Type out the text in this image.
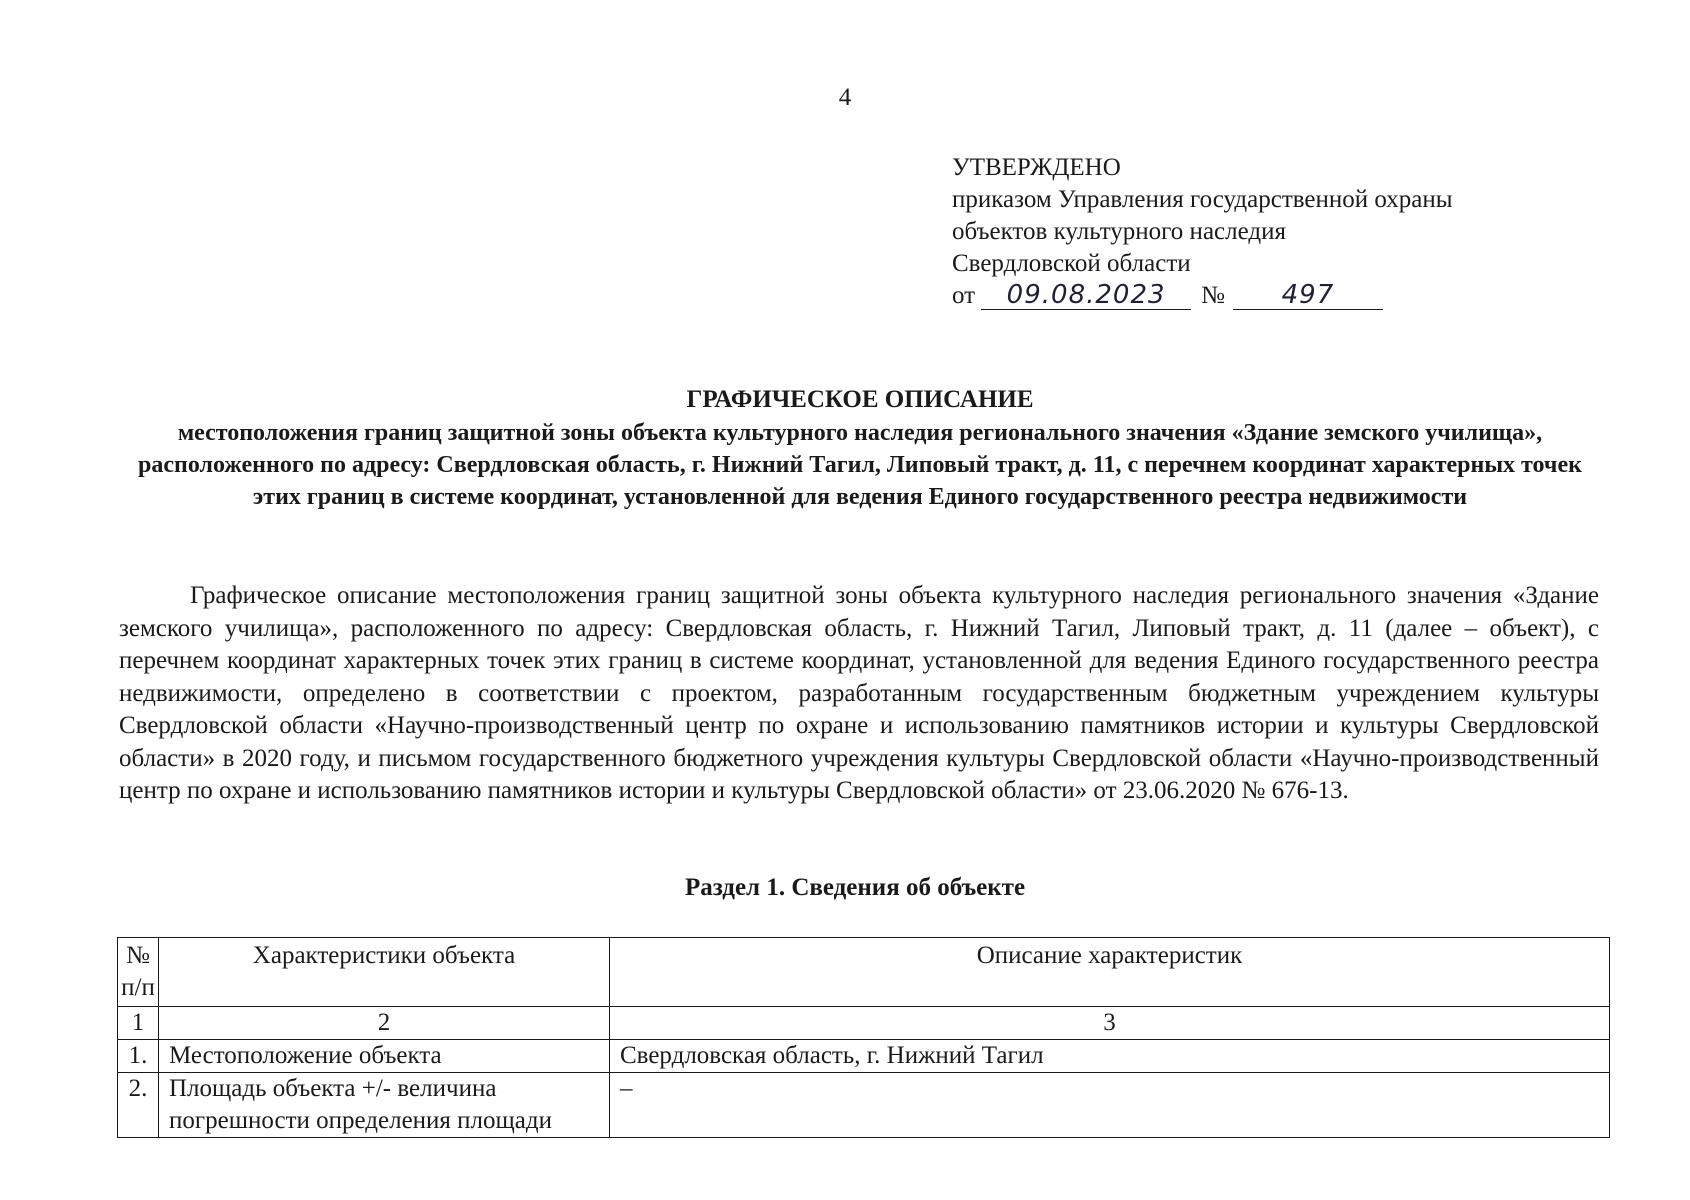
4
УТВЕРЖДЕНО
приказом Управления государственной охраны
объектов культурного наследия
Свердловской области
от	09.08.2023	№	497
ГРАФИЧЕСКОЕ ОПИСАНИЕ
местоположения границ защитной зоны объекта культурного наследия регионального значения «Здание земского училища», расположенного по адресу: Свердловская область, г. Нижний Тагил, Липовый тракт, д. 11, с перечнем координат характерных точек этих границ в системе координат, установленной для ведения Единого государственного реестра недвижимости
Графическое описание местоположения границ защитной зоны объекта культурного наследия регионального значения «Здание земского училища», расположенного по адресу: Свердловская область, г. Нижний Тагил, Липовый тракт, д. 11 (далее – объект), с перечнем координат характерных точек этих границ в системе координат, установленной для ведения Единого государственного реестра недвижимости, определено в соответствии с проектом, разработанным государственным бюджетным учреждением культуры Свердловской области «Научно-производственный центр по охране и использованию памятников истории и культуры Свердловской области» в 2020 году, и письмом государственного бюджетного учреждения культуры Свердловской области «Научно-производственный центр по охране и использованию памятников истории и культуры Свердловской области» от 23.06.2020 № 676-13.
Раздел 1. Сведения об объекте
№
п/п	Характеристики объекта	Описание характеристик
1	2	3
1.	Местоположение объекта	Свердловская область, г. Нижний Тагил
2.	Площадь объекта +/- величина погрешности определения площади	–
